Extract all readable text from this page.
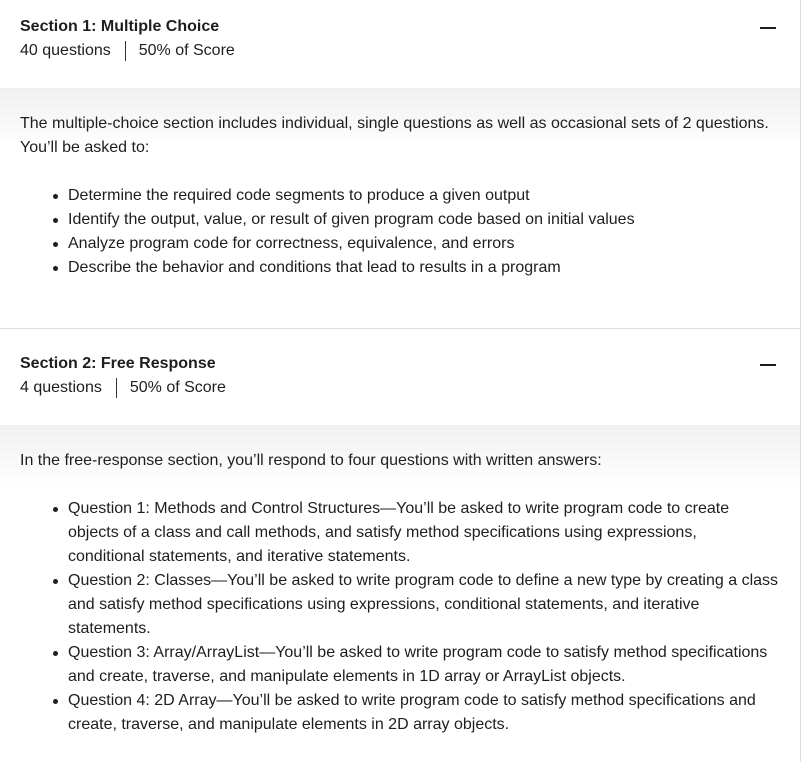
Section 1: Multiple Choice
40 questions 50% of Score

The multiple-choice section includes individual, single questions as well as occasional sets of 2 questions.
You’ll be asked to:

Determine the required code segments to produce a given output
Identify the output, value, or result of given program code based on initial values
Analyze program code for correctness, equivalence, and errors
Describe the behavior and conditions that lead to results in a program
Section 2: Free Response
4 questions 50% of Score

In the free-response section, you’ll respond to four questions with written answers:

Question 1: Methods and Control Structures—You’ll be asked to write program code to create
objects of a class and call methods, and satisfy method specifications using expressions,
conditional statements, and iterative statements.
Question 2: Classes—You’ll be asked to write program code to define a new type by creating a class
and satisfy method specifications using expressions, conditional statements, and iterative
statements.
Question 3: Array/ArrayList—You’ll be asked to write program code to satisfy method specifications
and create, traverse, and manipulate elements in 1D array or ArrayList objects.
Question 4: 2D Array—You’ll be asked to write program code to satisfy method specifications and
create, traverse, and manipulate elements in 2D array objects.
